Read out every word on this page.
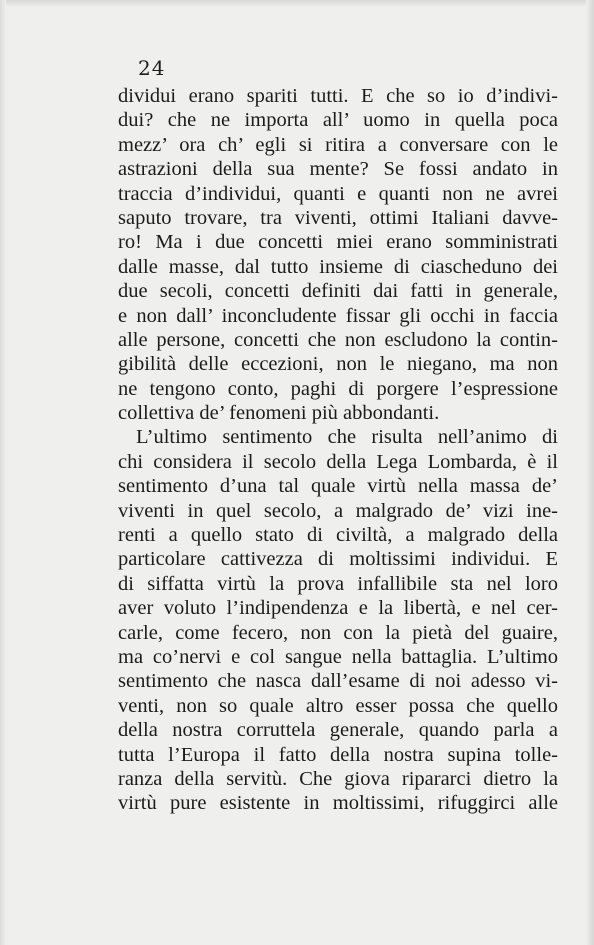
24
dividui erano spariti tutti. E che so io d’indivi-
dui? che ne importa all’ uomo in quella poca
mezz’ ora ch’ egli si ritira a conversare con le
astrazioni della sua mente? Se fossi andato in
traccia d’individui, quanti e quanti non ne avrei
saputo trovare, tra viventi, ottimi Italiani davve-
ro! Ma i due concetti miei erano somministrati
dalle masse, dal tutto insieme di ciascheduno dei
due secoli, concetti definiti dai fatti in generale,
e non dall’ inconcludente fissar gli occhi in faccia
alle persone, concetti che non escludono la contin-
gibilità delle eccezioni, non le niegano, ma non
ne tengono conto, paghi di porgere l’espressione
collettiva de’ fenomeni più abbondanti.
L’ultimo sentimento che risulta nell’animo di
chi considera il secolo della Lega Lombarda, è il
sentimento d’una tal quale virtù nella massa de’
viventi in quel secolo, a malgrado de’ vizi ine-
renti a quello stato di civiltà, a malgrado della
particolare cattivezza di moltissimi individui. E
di siffatta virtù la prova infallibile sta nel loro
aver voluto l’indipendenza e la libertà, e nel cer-
carle, come fecero, non con la pietà del guaire,
ma co’nervi e col sangue nella battaglia. L’ultimo
sentimento che nasca dall’esame di noi adesso vi-
venti, non so quale altro esser possa che quello
della nostra corruttela generale, quando parla a
tutta l’Europa il fatto della nostra supina tolle-
ranza della servitù. Che giova ripararci dietro la
virtù pure esistente in moltissimi, rifuggirci alle
